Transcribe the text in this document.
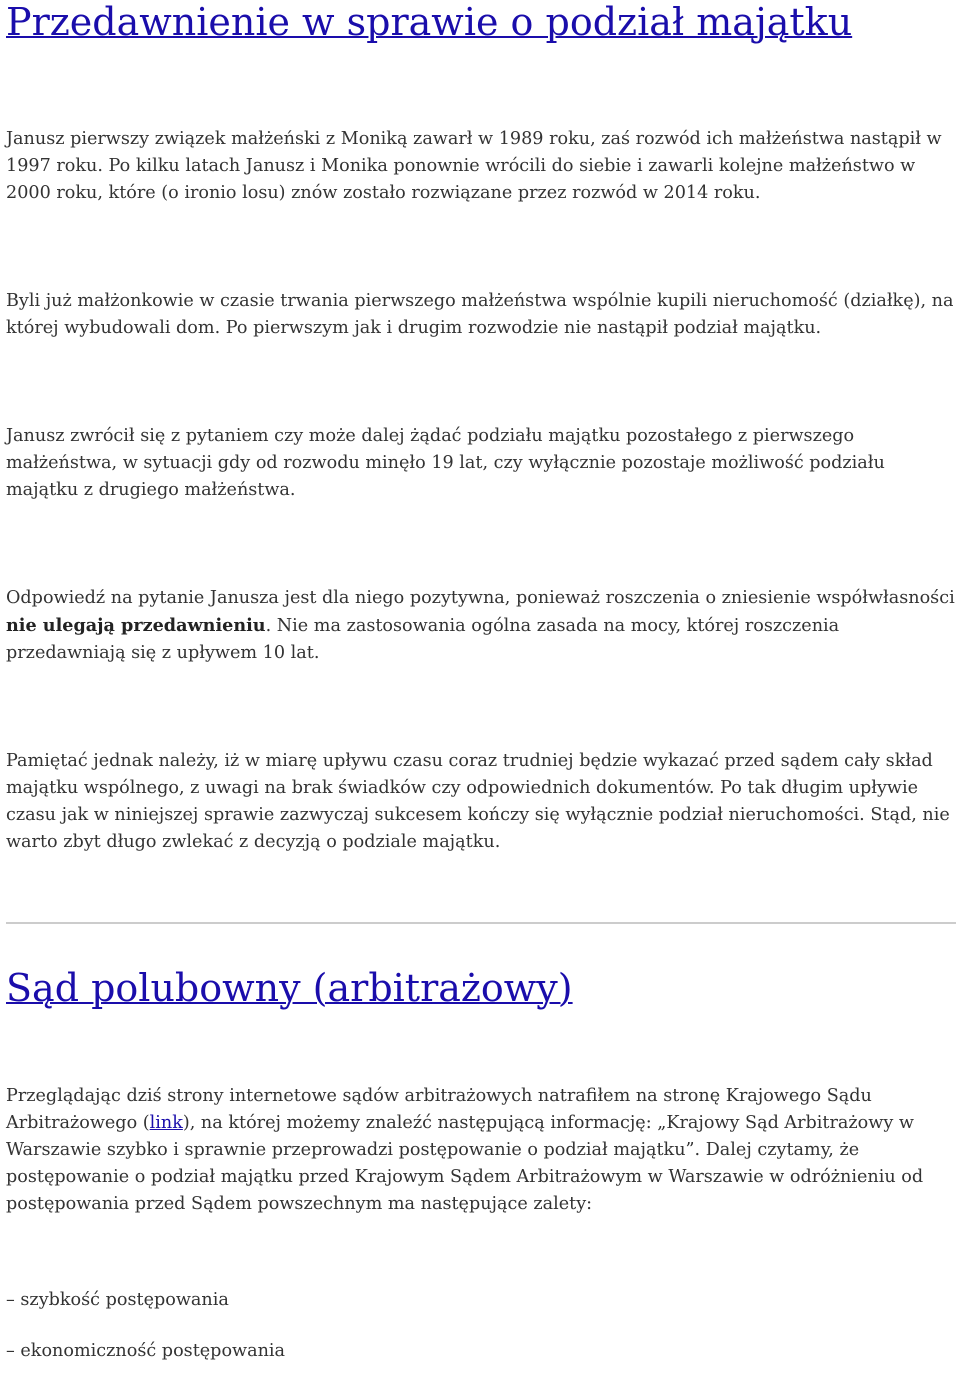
Przedawnienie w sprawie o podział majątku

Janusz pierwszy związek małżeński z Moniką zawarł w 1989 roku, zaś rozwód ich małżeństwa nastąpił w 1997 roku. Po kilku latach Janusz i Monika ponownie wrócili do siebie i zawarli kolejne małżeństwo w 2000 roku, które (o ironio losu) znów zostało rozwiązane przez rozwód w 2014 roku.

Byli już małżonkowie w czasie trwania pierwszego małżeństwa wspólnie kupili nieruchomość (działkę), na której wybudowali dom. Po pierwszym jak i drugim rozwodzie nie nastąpił podział majątku.

Janusz zwrócił się z pytaniem czy może dalej żądać podziału majątku pozostałego z pierwszego małżeństwa, w sytuacji gdy od rozwodu minęło 19 lat, czy wyłącznie pozostaje możliwość podziału majątku z drugiego małżeństwa.

Odpowiedź na pytanie Janusza jest dla niego pozytywna, ponieważ roszczenia o zniesienie współwłasności nie ulegają przedawnieniu. Nie ma zastosowania ogólna zasada na mocy, której roszczenia przedawniają się z upływem 10 lat.

Pamiętać jednak należy, iż w miarę upływu czasu coraz trudniej będzie wykazać przed sądem cały skład majątku wspólnego, z uwagi na brak świadków czy odpowiednich dokumentów. Po tak długim upływie czasu jak w niniejszej sprawie zazwyczaj sukcesem kończy się wyłącznie podział nieruchomości. Stąd, nie warto zbyt długo zwlekać z decyzją o podziale majątku.

Sąd polubowny (arbitrażowy)

Przeglądając dziś strony internetowe sądów arbitrażowych natrafiłem na stronę Krajowego Sądu Arbitrażowego (link), na której możemy znaleźć następującą informację: „Krajowy Sąd Arbitrażowy w Warszawie szybko i sprawnie przeprowadzi postępowanie o podział majątku”. Dalej czytamy, że postępowanie o podział majątku przed Krajowym Sądem Arbitrażowym w Warszawie w odróżnieniu od postępowania przed Sądem powszechnym ma następujące zalety:

– szybkość postępowania

– ekonomiczność postępowania
